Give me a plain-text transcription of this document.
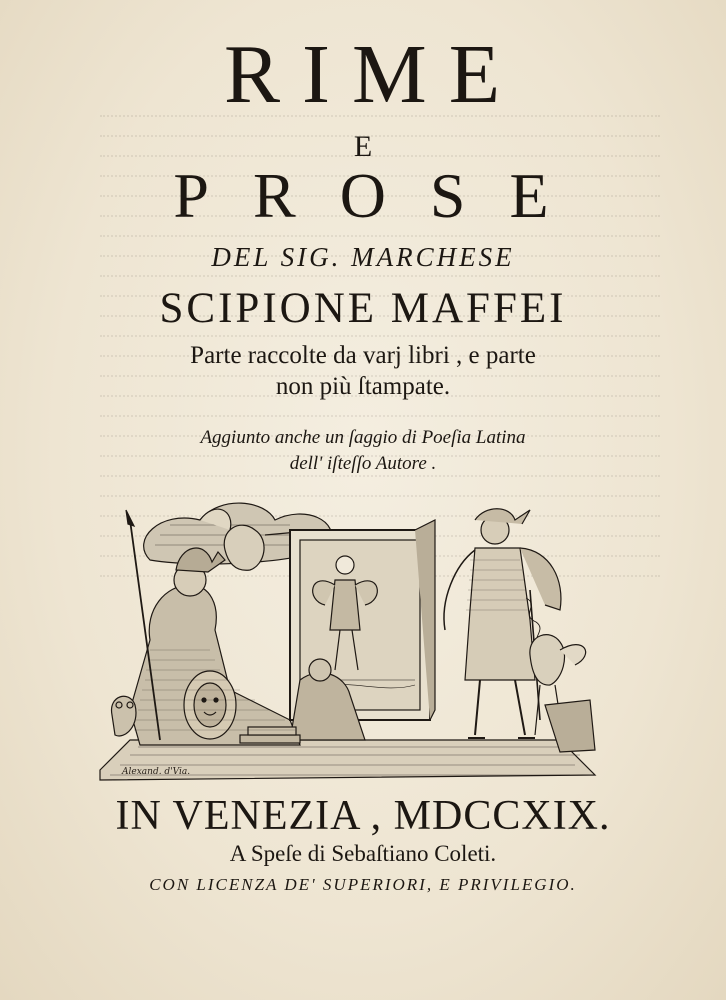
RIME
E
PROSE
DEL SIG. MARCHESE
SCIPIONE MAFFEI
Parte raccolte da varj libri , e parte
non più ſtampate.
Aggiunto anche un ſaggio di Poeſia Latina
dell' iſteſſo Autore .
Alexand. d'Via.
IN VENEZIA , MDCCXIX.
A Speſe di Sebaſtiano Coleti.
CON LICENZA DE' SUPERIORI, E PRIVILEGIO.
